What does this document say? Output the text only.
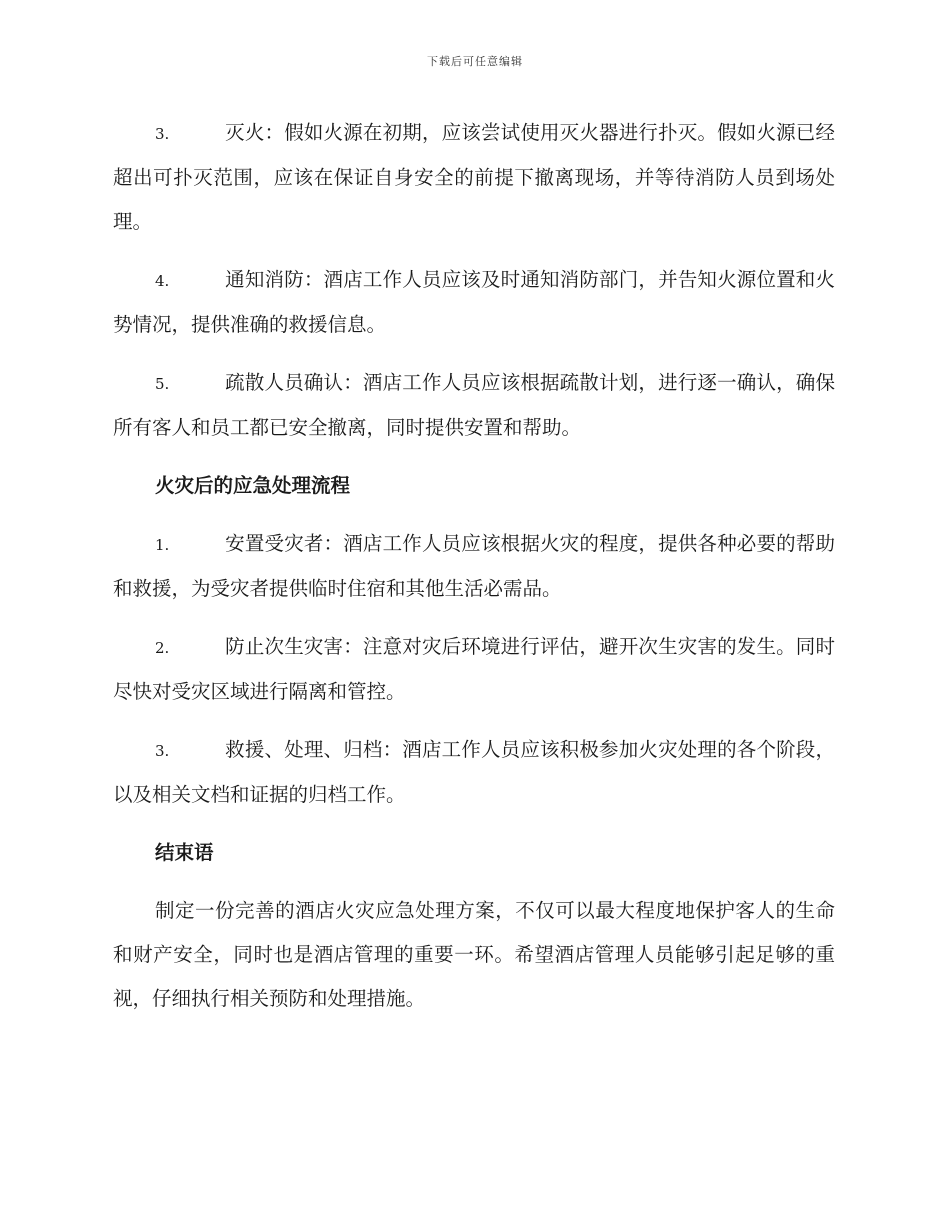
下载后可任意编辑
3.	灭火：假如火源在初期，应该尝试使用灭火器进行扑灭。假如火源已经超出可扑灭范围，应该在保证自身安全的前提下撤离现场，并等待消防人员到场处理。
4.	通知消防：酒店工作人员应该及时通知消防部门，并告知火源位置和火势情况，提供准确的救援信息。
5.	疏散人员确认：酒店工作人员应该根据疏散计划，进行逐一确认，确保所有客人和员工都已安全撤离，同时提供安置和帮助。
火灾后的应急处理流程
1.	安置受灾者：酒店工作人员应该根据火灾的程度，提供各种必要的帮助和救援，为受灾者提供临时住宿和其他生活必需品。
2.	防止次生灾害：注意对灾后环境进行评估，避开次生灾害的发生。同时尽快对受灾区域进行隔离和管控。
3.	救援、处理、归档：酒店工作人员应该积极参加火灾处理的各个阶段，以及相关文档和证据的归档工作。
结束语
制定一份完善的酒店火灾应急处理方案，不仅可以最大程度地保护客人的生命和财产安全，同时也是酒店管理的重要一环。希望酒店管理人员能够引起足够的重视，仔细执行相关预防和处理措施。
